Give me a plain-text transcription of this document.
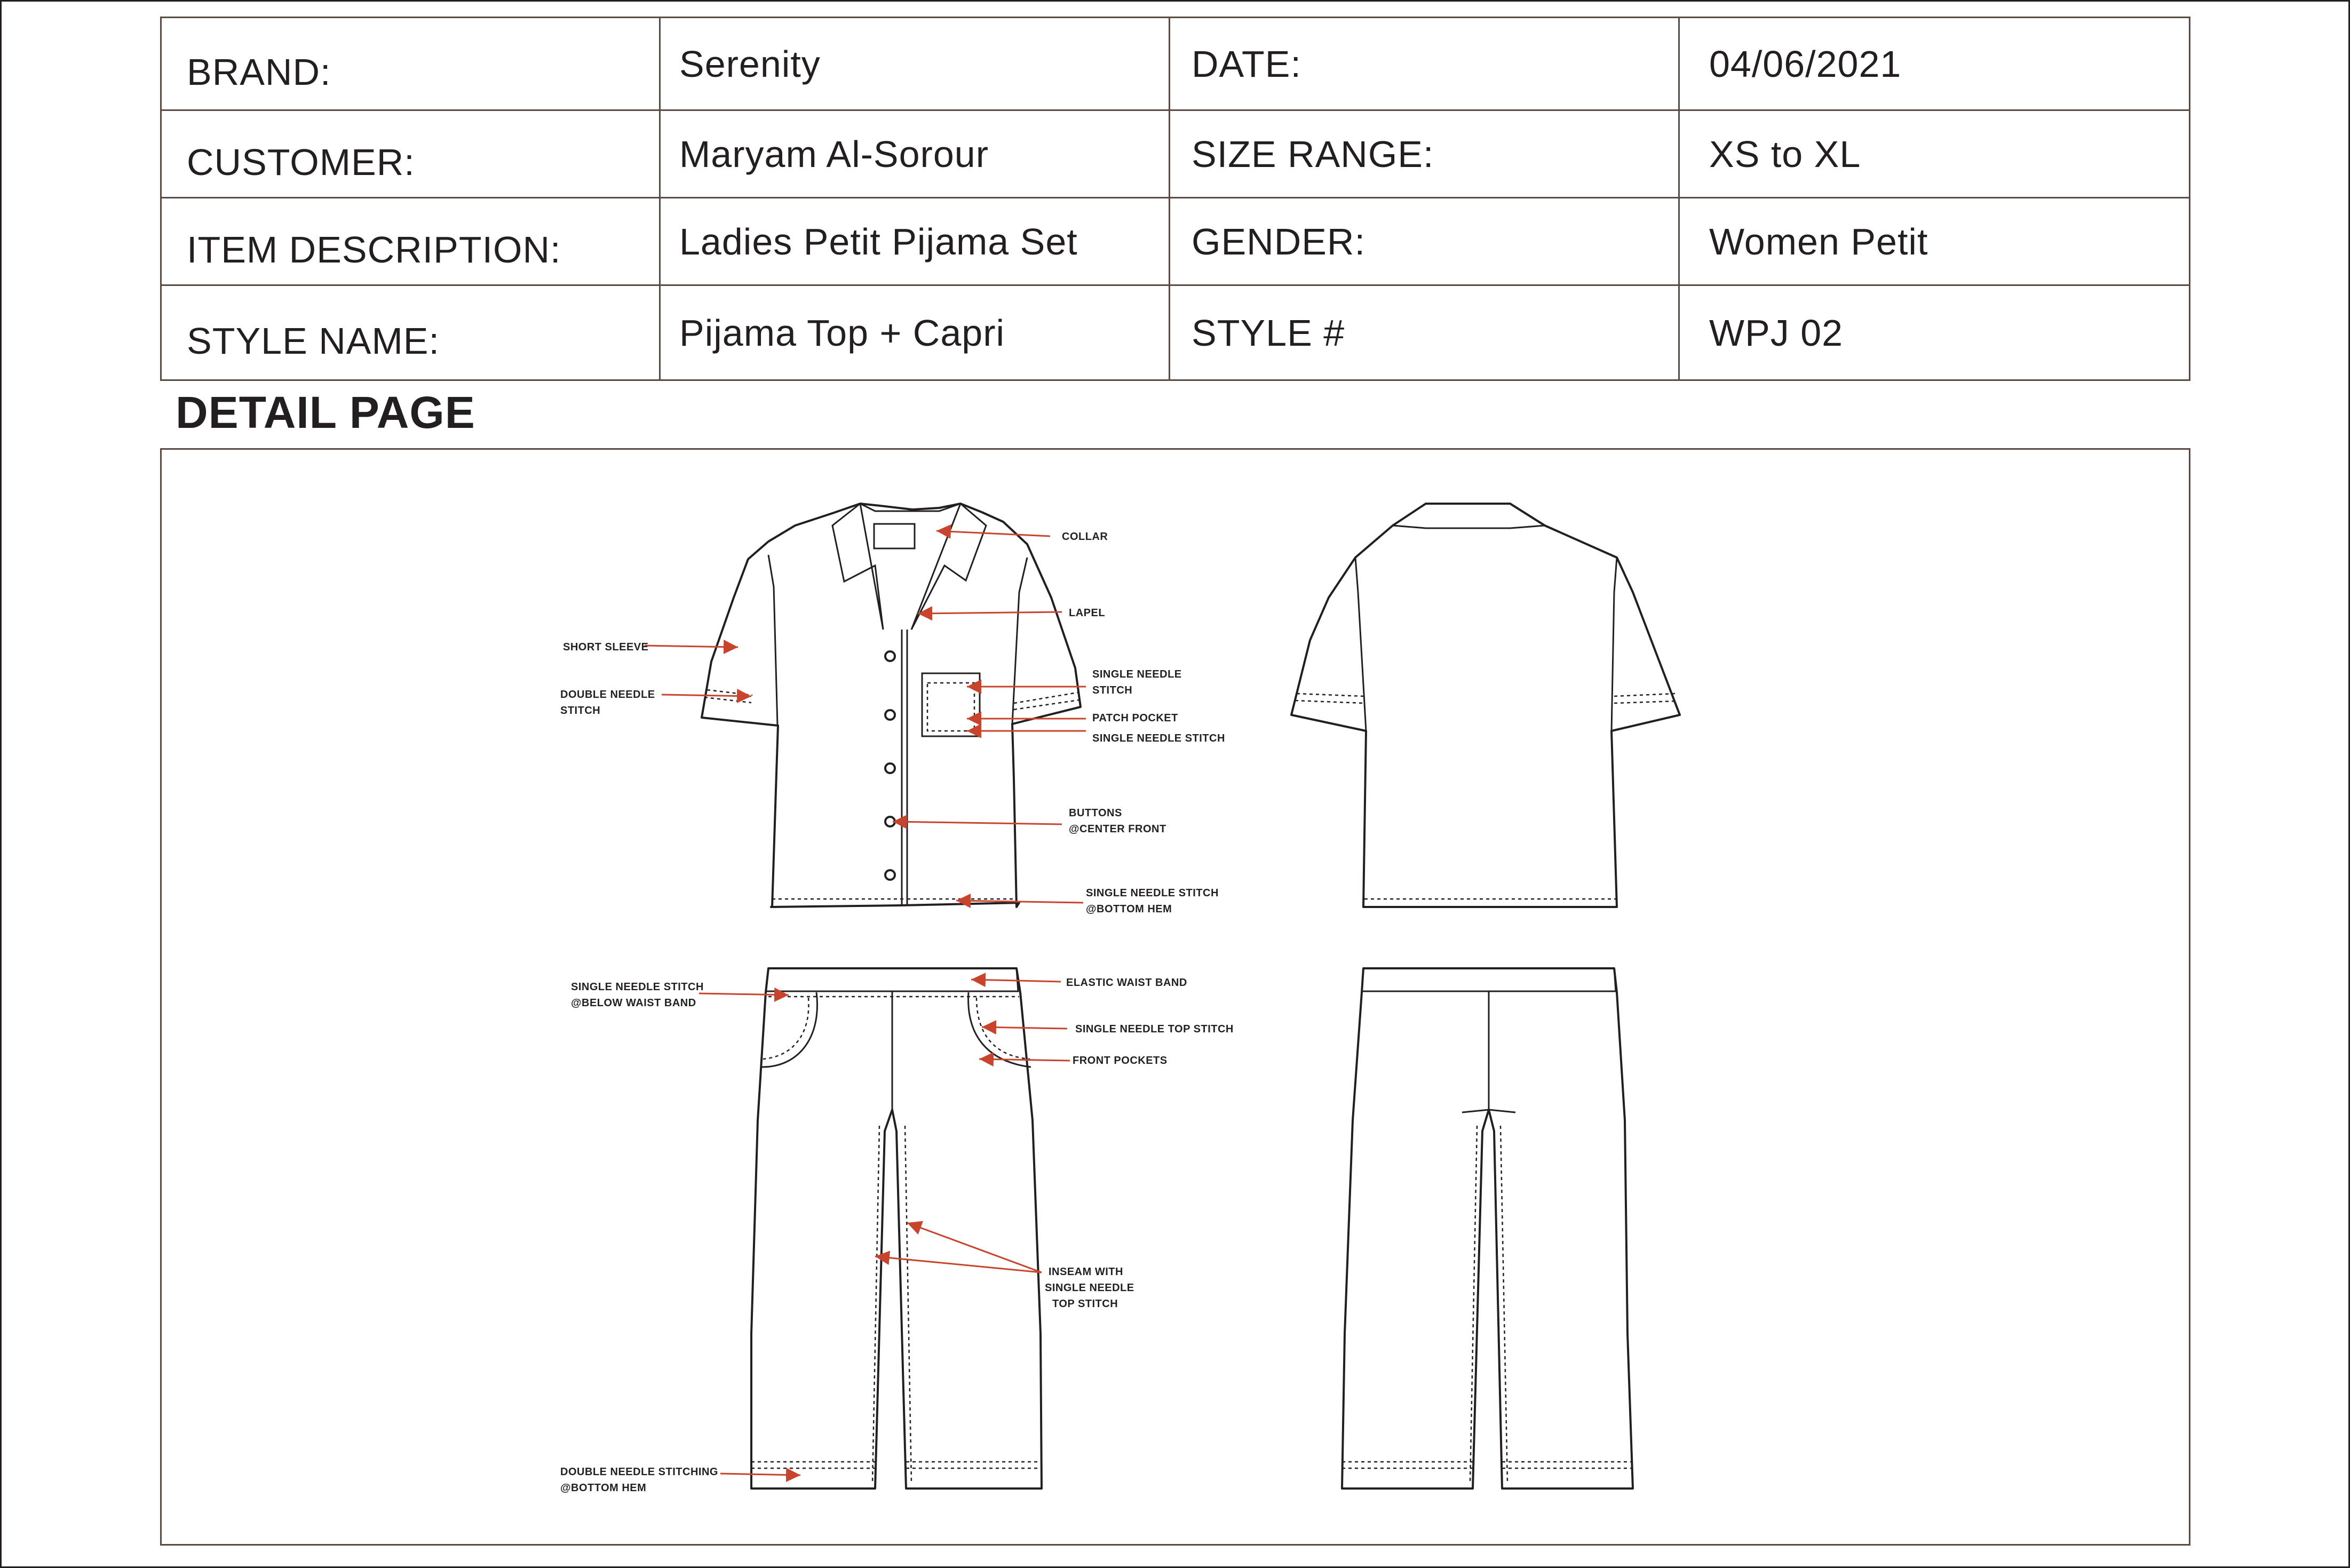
BRAND:	Serenity	DATE:	04/06/2021
CUSTOMER:	Maryam Al-Sorour	SIZE RANGE:	XS to XL
ITEM DESCRIPTION:	Ladies Petit Pijama Set	GENDER:	Women Petit
STYLE NAME:	Pijama Top + Capri	STYLE #	WPJ 02
DETAIL PAGE
COLLAR
LAPEL
SHORT SLEEVE
DOUBLE NEEDLE
STITCH
SINGLE NEEDLE
STITCH
PATCH POCKET
SINGLE NEEDLE STITCH
BUTTONS
@CENTER FRONT
SINGLE NEEDLE STITCH
@BOTTOM HEM
SINGLE NEEDLE STITCH
@BELOW WAIST BAND
ELASTIC WAIST BAND
SINGLE NEEDLE TOP STITCH
FRONT POCKETS
INSEAM WITH
SINGLE NEEDLE
TOP STITCH
DOUBLE NEEDLE STITCHING
@BOTTOM HEM
